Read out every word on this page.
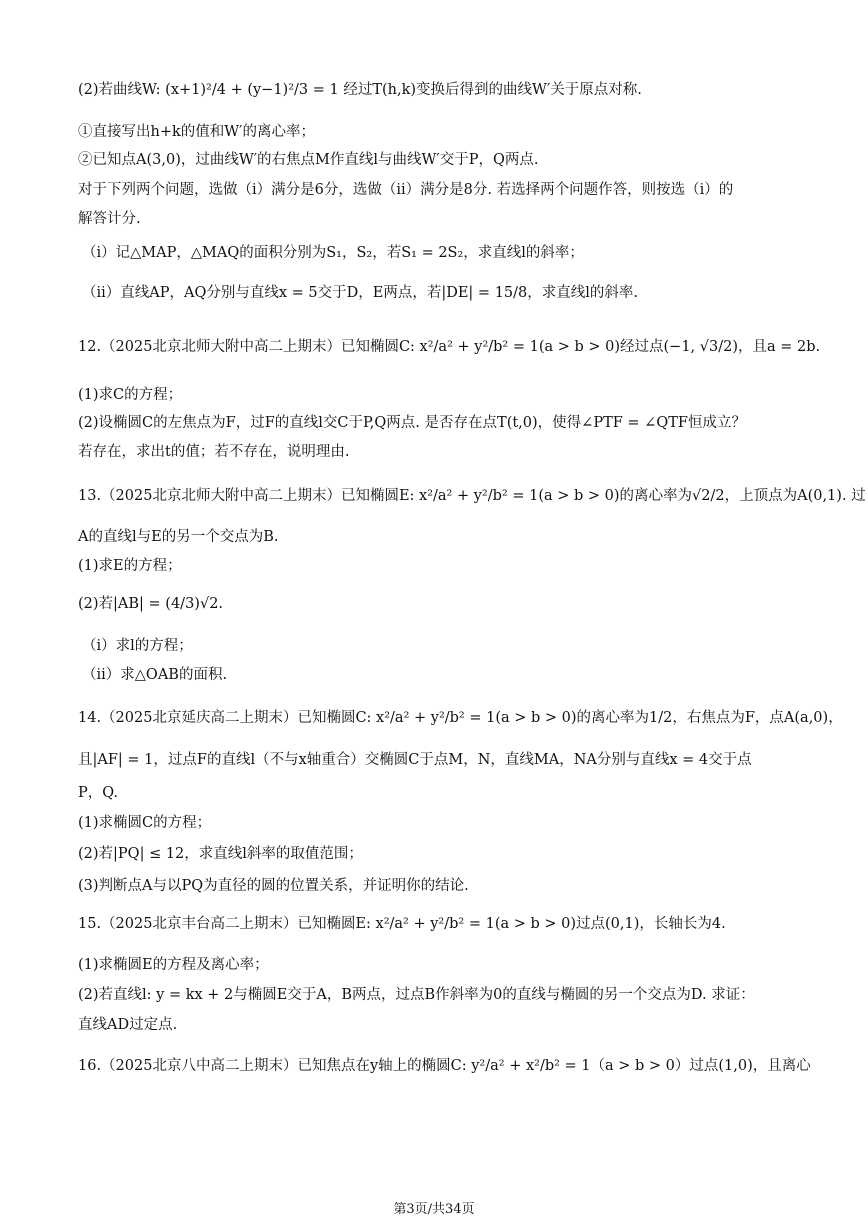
(2)若曲线W: (x+1)²/4 + (y−1)²/3 = 1 经过T(h,k)变换后得到的曲线W′关于原点对称.
①直接写出h+k的值和W′的离心率；
②已知点A(3,0)，过曲线W′的右焦点M作直线l与曲线W′交于P，Q两点.
对于下列两个问题，选做（i）满分是6分，选做（ii）满分是8分. 若选择两个问题作答，则按选（i）的
解答计分.
（i）记△MAP，△MAQ的面积分别为S₁，S₂，若S₁ = 2S₂，求直线l的斜率；
（ii）直线AP，AQ分别与直线x = 5交于D，E两点，若|DE| = 15/8，求直线l的斜率.
12.（2025北京北师大附中高二上期末）已知椭圆C: x²/a² + y²/b² = 1(a > b > 0)经过点(−1, √3/2)，且a = 2b.
(1)求C的方程；
(2)设椭圆C的左焦点为F，过F的直线l交C于P,Q两点. 是否存在点T(t,0)，使得∠PTF = ∠QTF恒成立？
若存在，求出t的值；若不存在，说明理由.
13.（2025北京北师大附中高二上期末）已知椭圆E: x²/a² + y²/b² = 1(a > b > 0)的离心率为√2/2，上顶点为A(0,1). 过
A的直线l与E的另一个交点为B.
(1)求E的方程；
(2)若|AB| = (4/3)√2.
（i）求l的方程；
（ii）求△OAB的面积.
14.（2025北京延庆高二上期末）已知椭圆C: x²/a² + y²/b² = 1(a > b > 0)的离心率为1/2，右焦点为F，点A(a,0)，
且|AF| = 1，过点F的直线l（不与x轴重合）交椭圆C于点M，N，直线MA，NA分别与直线x = 4交于点
P，Q.
(1)求椭圆C的方程；
(2)若|PQ| ≤ 12，求直线l斜率的取值范围；
(3)判断点A与以PQ为直径的圆的位置关系，并证明你的结论.
15.（2025北京丰台高二上期末）已知椭圆E: x²/a² + y²/b² = 1(a > b > 0)过点(0,1)，长轴长为4.
(1)求椭圆E的方程及离心率；
(2)若直线l: y = kx + 2与椭圆E交于A，B两点，过点B作斜率为0的直线与椭圆的另一个交点为D. 求证：
直线AD过定点.
16.（2025北京八中高二上期末）已知焦点在y轴上的椭圆C: y²/a² + x²/b² = 1（a > b > 0）过点(1,0)，且离心
第3页/共34页
